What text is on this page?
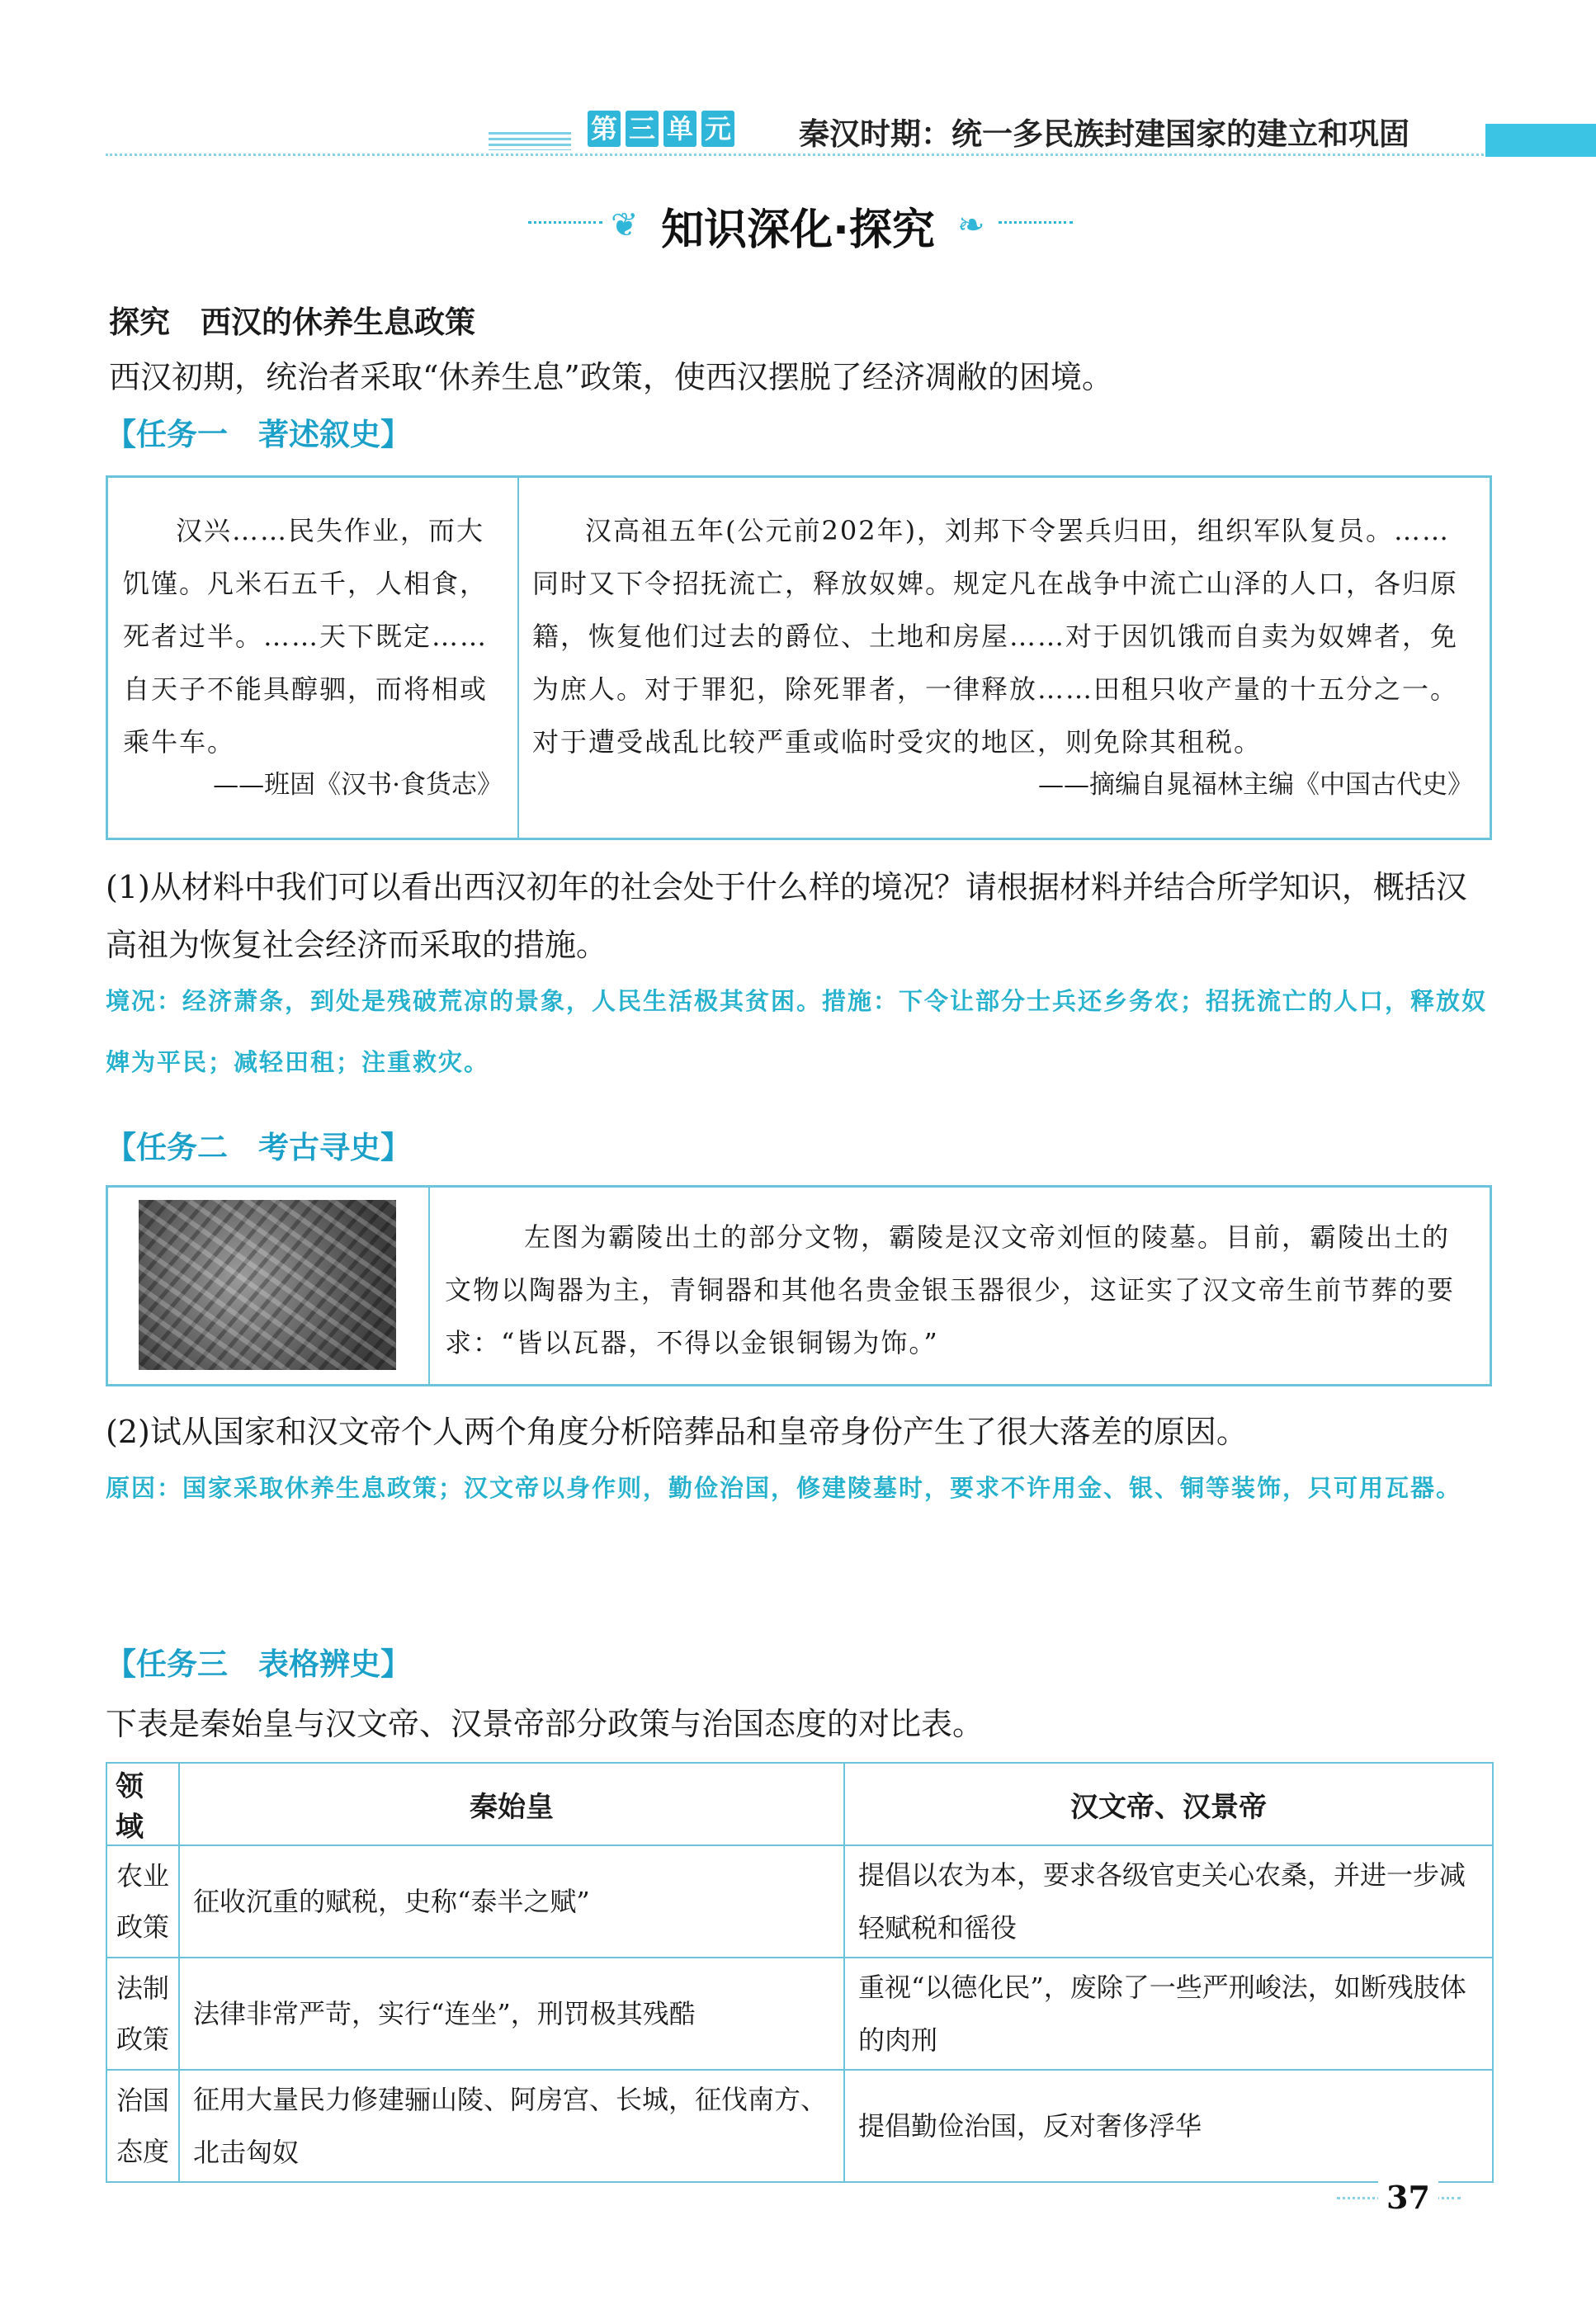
第 三 单 元 秦汉时期：统一多民族封建国家的建立和巩固
❦ 知识深化·探究 ❧
探究　西汉的休养生息政策
西汉初期，统治者采取“休养生息”政策，使西汉摆脱了经济凋敝的困境。
【任务一　著述叙史】
汉兴……民失作业，而大饥馑。凡米石五千，人相食，死者过半。……天下既定……自天子不能具醇驷，而将相或乘牛车。
——班固《汉书·食货志》
汉高祖五年(公元前202年)，刘邦下令罢兵归田，组织军队复员。……同时又下令招抚流亡，释放奴婢。规定凡在战争中流亡山泽的人口，各归原籍，恢复他们过去的爵位、土地和房屋……对于因饥饿而自卖为奴婢者，免为庶人。对于罪犯，除死罪者，一律释放……田租只收产量的十五分之一。对于遭受战乱比较严重或临时受灾的地区，则免除其租税。
——摘编自晁福林主编《中国古代史》
(1)从材料中我们可以看出西汉初年的社会处于什么样的境况？请根据材料并结合所学知识，概括汉高祖为恢复社会经济而采取的措施。
境况：经济萧条，到处是残破荒凉的景象，人民生活极其贫困。措施：下令让部分士兵还乡务农；招抚流亡的人口，释放奴婢为平民；减轻田租；注重救灾。
【任务二　考古寻史】
左图为霸陵出土的部分文物，霸陵是汉文帝刘恒的陵墓。目前，霸陵出土的文物以陶器为主，青铜器和其他名贵金银玉器很少，这证实了汉文帝生前节葬的要求：“皆以瓦器，不得以金银铜锡为饰。”
(2)试从国家和汉文帝个人两个角度分析陪葬品和皇帝身份产生了很大落差的原因。
原因：国家采取休养生息政策；汉文帝以身作则，勤俭治国，修建陵墓时，要求不许用金、银、铜等装饰，只可用瓦器。
【任务三　表格辨史】
下表是秦始皇与汉文帝、汉景帝部分政策与治国态度的对比表。
领域	秦始皇	汉文帝、汉景帝
农业政策	征收沉重的赋税，史称“泰半之赋”	提倡以农为本，要求各级官吏关心农桑，并进一步减轻赋税和徭役
法制政策	法律非常严苛，实行“连坐”，刑罚极其残酷	重视“以德化民”，废除了一些严刑峻法，如断残肢体的肉刑
治国态度	征用大量民力修建骊山陵、阿房宫、长城，征伐南方、北击匈奴	提倡勤俭治国，反对奢侈浮华
37
